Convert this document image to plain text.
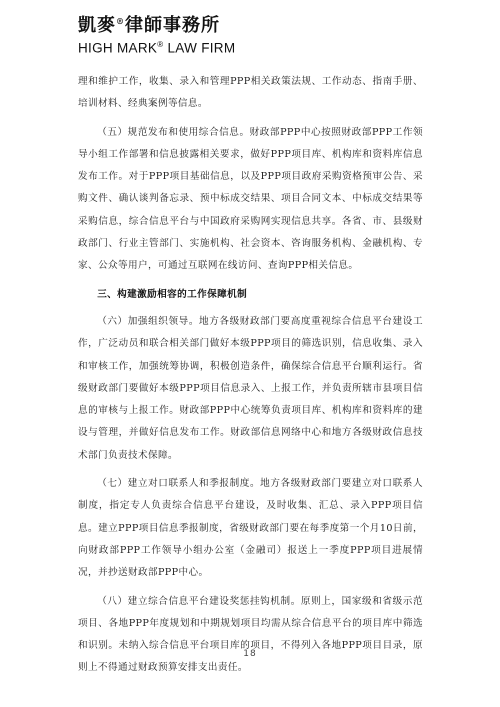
凱麥®律師事務所
HIGH MARK® LAW FIRM

理和维护工作，收集、录入和管理PPP相关政策法规、工作动态、指南手册、培训材料、经典案例等信息。

（五）规范发布和使用综合信息。财政部PPP中心按照财政部PPP工作领导小组工作部署和信息披露相关要求，做好PPP项目库、机构库和资料库信息发布工作。对于PPP项目基础信息，以及PPP项目政府采购资格预审公告、采购文件、确认谈判备忘录、预中标成交结果、项目合同文本、中标成交结果等采购信息，综合信息平台与中国政府采购网实现信息共享。各省、市、县级财政部门、行业主管部门、实施机构、社会资本、咨询服务机构、金融机构、专家、公众等用户，可通过互联网在线访问、查询PPP相关信息。

三、构建激励相容的工作保障机制

（六）加强组织领导。地方各级财政部门要高度重视综合信息平台建设工作，广泛动员和联合相关部门做好本级PPP项目的筛选识别，信息收集、录入和审核工作，加强统筹协调，积极创造条件，确保综合信息平台顺利运行。省级财政部门要做好本级PPP项目信息录入、上报工作，并负责所辖市县项目信息的审核与上报工作。财政部PPP中心统筹负责项目库、机构库和资料库的建设与管理，并做好信息发布工作。财政部信息网络中心和地方各级财政信息技术部门负责技术保障。

（七）建立对口联系人和季报制度。地方各级财政部门要建立对口联系人制度，指定专人负责综合信息平台建设，及时收集、汇总、录入PPP项目信息。建立PPP项目信息季报制度，省级财政部门要在每季度第一个月10日前，向财政部PPP工作领导小组办公室（金融司）报送上一季度PPP项目进展情况，并抄送财政部PPP中心。

（八）建立综合信息平台建设奖惩挂钩机制。原则上，国家级和省级示范项目、各地PPP年度规划和中期规划项目均需从综合信息平台的项目库中筛选和识别。未纳入综合信息平台项目库的项目，不得列入各地PPP项目目录，原则上不得通过财政预算安排支出责任。

18
